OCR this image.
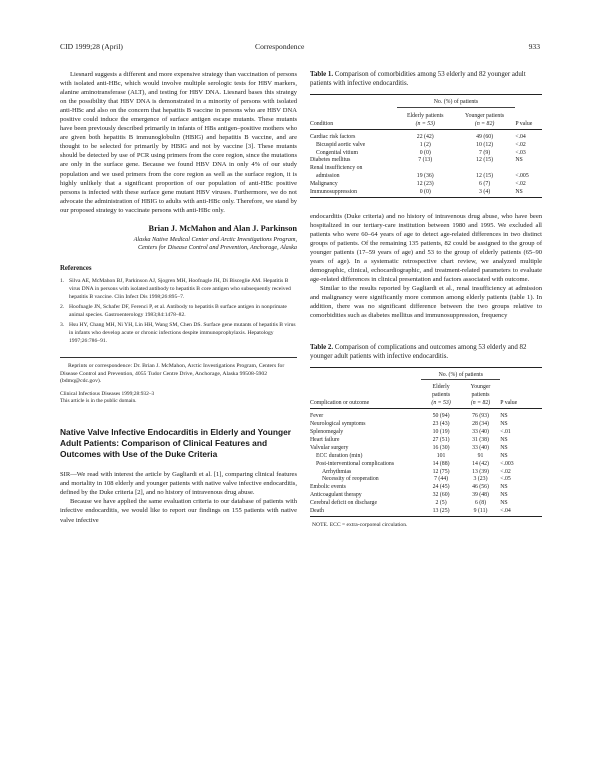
CID 1999;28 (April)	Correspondence	933

Liesnard suggests a different and more expensive strategy than vaccination of persons with isolated anti-HBc, which would involve multiple serologic tests for HBV markers, alanine aminotransferase (ALT), and testing for HBV DNA. Liesnard bases this strategy on the possibility that HBV DNA is demonstrated in a minority of persons with isolated anti-HBc and also on the concern that hepatitis B vaccine in persons who are HBV DNA positive could induce the emergence of surface antigen escape mutants. These mutants have been previously described primarily in infants of HBs antigen–positive mothers who are given both hepatitis B immunoglobulin (HBIG) and hepatitis B vaccine, and are thought to be selected for primarily by HBIG and not by vaccine [3]. These mutants should be detected by use of PCR using primers from the core region, since the mutations are only in the surface gene. Because we found HBV DNA in only 4% of our study population and we used primers from the core region as well as the surface region, it is highly unlikely that a significant proportion of our population of anti-HBc positive persons is infected with these surface gene mutant HBV viruses. Furthermore, we do not advocate the administration of HBIG to adults with anti-HBc only. Therefore, we stand by our proposed strategy to vaccinate persons with anti-HBc only.

Brian J. McMahon and Alan J. Parkinson
Alaska Native Medical Center and Arctic Investigations Program,
Centers for Disease Control and Prevention, Anchorage, Alaska
References
1. Silva AE, McMahon BJ, Parkinson AJ, Sjogren MH, Hoofnagle JH, Di Bisceglie AM. Hepatitis B virus DNA in persons with isolated antibody to hepatitis B core antigen who subsequently received hepatitis B vaccine. Clin Infect Dis 1998;26:895–7.
2. Hoofnagle JN, Schafer DF, Ferenci P, et al. Antibody to hepatitis B surface antigen in nonprimate animal species. Gastroenterology 1983;84:1478–82.
3. Hsu HY, Chang MH, Ni YH, Lin HH, Wang SM, Chen DS. Surface gene mutants of hepatitis B virus in infants who develop acute or chronic infections despite immunoprophylaxis. Hepatology 1997;26:786–91.

Reprints or correspondence: Dr. Brian J. McMahon, Arctic Investigations Program, Centers for Disease Control and Prevention, 4055 Tudor Centre Drive, Anchorage, Alaska 99508-5902 (bdmq@cdc.gov).

Clinical Infectious Diseases 1999;28:932–3
This article is in the public domain.
Native Valve Infective Endocarditis in Elderly and Younger Adult Patients: Comparison of Clinical Features and Outcomes with Use of the Duke Criteria

SIR—We read with interest the article by Gagliardi et al. [1], comparing clinical features and mortality in 108 elderly and younger patients with native valve infective endocarditis, defined by the Duke criteria [2], and no history of intravenous drug abuse.

Because we have applied the same evaluation criteria to our database of patients with infective endocarditis, we would like to report our findings on 155 patients with native valve infective

Table 1. Comparison of comorbidities among 53 elderly and 82 younger adult patients with infective endocarditis.

	No. (%) of patients		
	Elderly patients	Younger patients	
Condition	(n = 53)	(n = 82)	P value

Cardiac risk factors	22 (42)	49 (60)	<.04
Bicuspid aortic valve	1 (2)	10 (12)	<.02
Congenital vitium	0 (0)	7 (9)	<.03
Diabetes mellitus	7 (13)	12 (15)	NS
Renal insufficiency on			
admission	19 (36)	12 (15)	<.005
Malignancy	12 (23)	6 (7)	<.02
Immunosuppression	0 (0)	3 (4)	NS

endocarditis (Duke criteria) and no history of intravenous drug abuse, who have been hospitalized in our tertiary-care institution between 1980 and 1995. We excluded all patients who were 60–64 years of age to detect age-related differences in two distinct groups of patients. Of the remaining 135 patients, 82 could be assigned to the group of younger patients (17–59 years of age) and 53 to the group of elderly patients (65–90 years of age). In a systematic retrospective chart review, we analyzed multiple demographic, clinical, echocardiographic, and treatment-related parameters to evaluate age-related differences in clinical presentation and factors associated with outcome.

Similar to the results reported by Gagliardi et al., renal insufficiency at admission and malignancy were significantly more common among elderly patients (table 1). In addition, there was no significant difference between the two groups relative to comorbidities such as diabetes mellitus and immunosuppression, frequency

Table 2. Comparison of complications and outcomes among 53 elderly and 82 younger adult patients with infective endocarditis.

	No. (%) of patients		
	Elderly	Younger	
	patients	patients	
Complication or outcome	(n = 53)	(n = 82)	P value

Fever	50 (94)	76 (93)	NS
Neurological symptoms	23 (43)	28 (34)	NS
Splenomegaly	10 (19)	33 (40)	<.01
Heart failure	27 (51)	31 (38)	NS
Valvular surgery	16 (30)	33 (40)	NS
ECC duration (min)	101	91	NS
Post-interventional complications	14 (88)	14 (42)	<.003
Arrhythmias	12 (75)	13 (39)	<.02
Necessity of reoperation	7 (44)	3 (23)	<.05
Embolic events	24 (45)	46 (56)	NS
Anticoagulant therapy	32 (60)	39 (48)	NS
Cerebral deficit on discharge	2 (5)	6 (8)	NS
Death	13 (25)	9 (11)	<.04

NOTE. ECC = extra-corporeal circulation.
